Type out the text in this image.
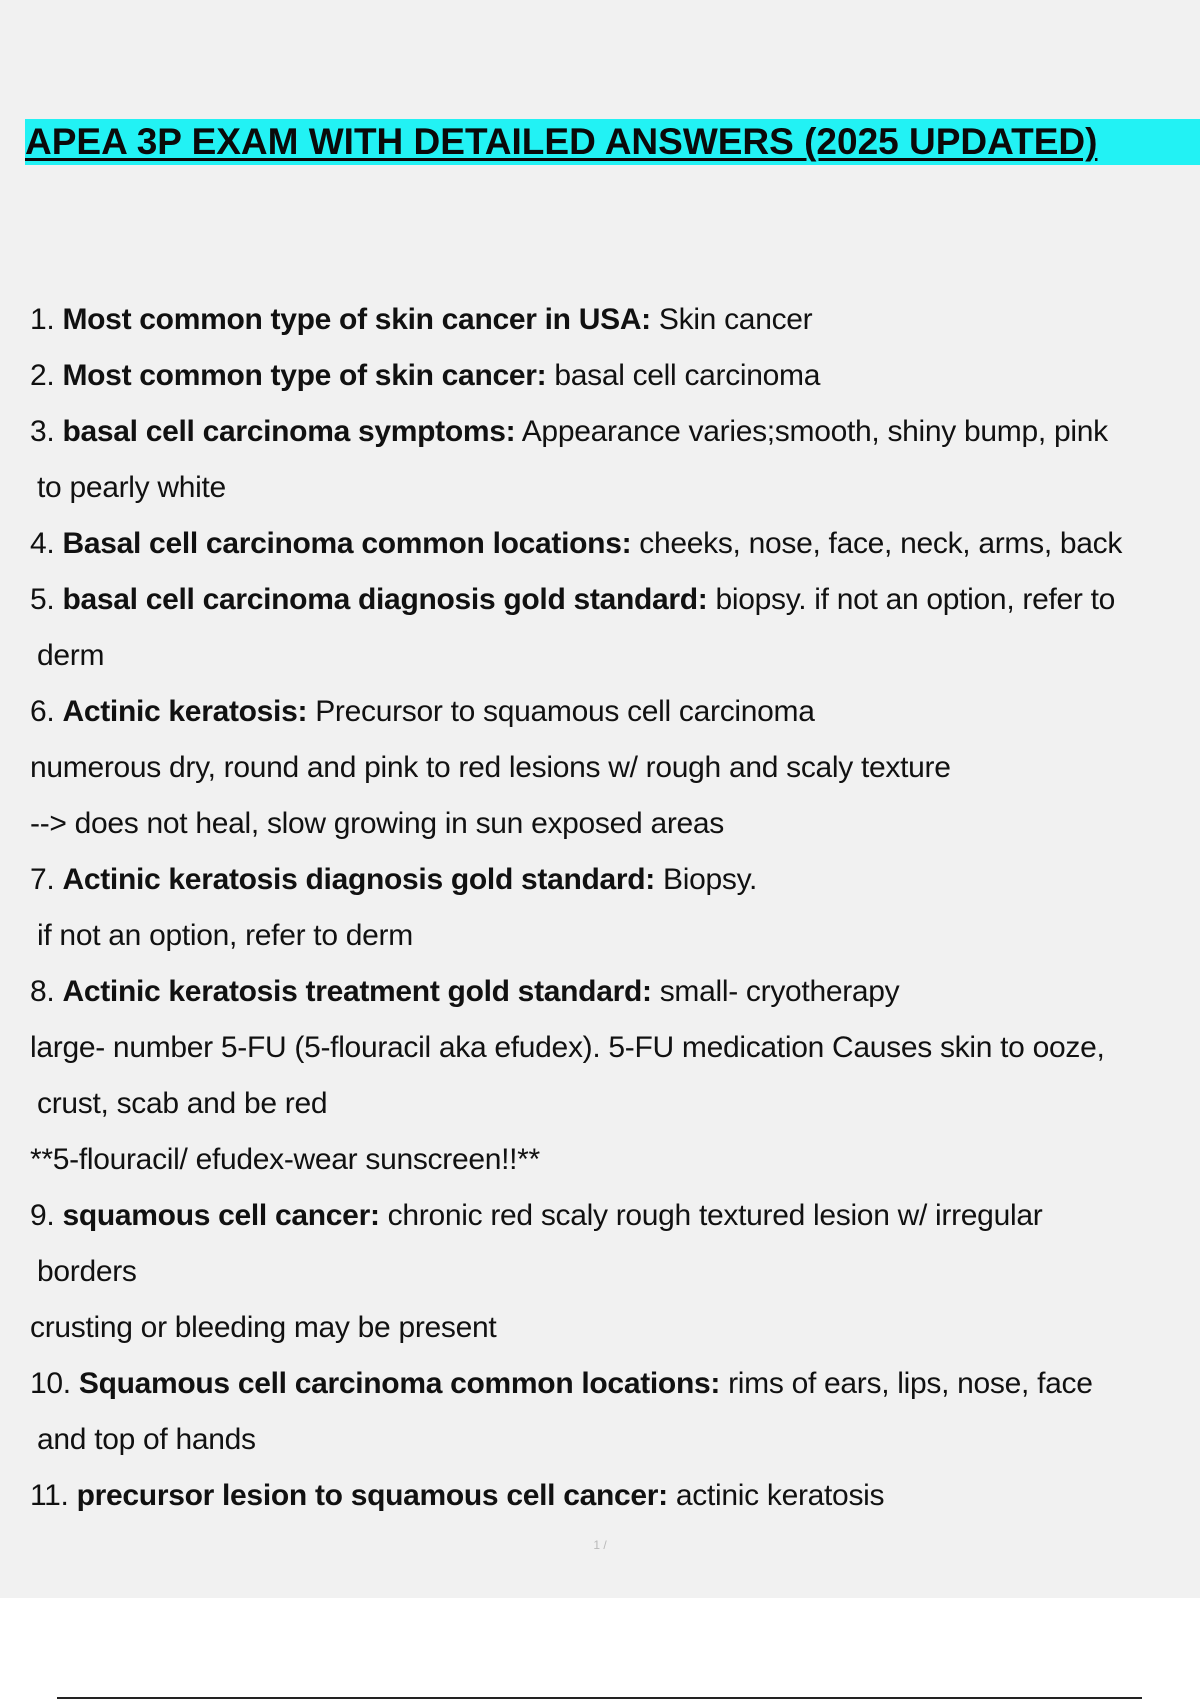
APEA 3P EXAM WITH DETAILED ANSWERS (2025 UPDATED)
1. Most common type of skin cancer in USA: Skin cancer
2. Most common type of skin cancer: basal cell carcinoma
3. basal cell carcinoma symptoms: Appearance varies;smooth, shiny bump, pink
to pearly white
4. Basal cell carcinoma common locations: cheeks, nose, face, neck, arms, back
5. basal cell carcinoma diagnosis gold standard: biopsy. if not an option, refer to
derm
6. Actinic keratosis: Precursor to squamous cell carcinoma
numerous dry, round and pink to red lesions w/ rough and scaly texture
--> does not heal, slow growing in sun exposed areas
7. Actinic keratosis diagnosis gold standard: Biopsy.
if not an option, refer to derm
8. Actinic keratosis treatment gold standard: small- cryotherapy
large- number 5-FU (5-flouracil aka efudex). 5-FU medication Causes skin to ooze,
crust, scab and be red
**5-flouracil/ efudex-wear sunscreen!!**
9. squamous cell cancer: chronic red scaly rough textured lesion w/ irregular
borders
crusting or bleeding may be present
10. Squamous cell carcinoma common locations: rims of ears, lips, nose, face
and top of hands
11. precursor lesion to squamous cell cancer: actinic keratosis
1 /
